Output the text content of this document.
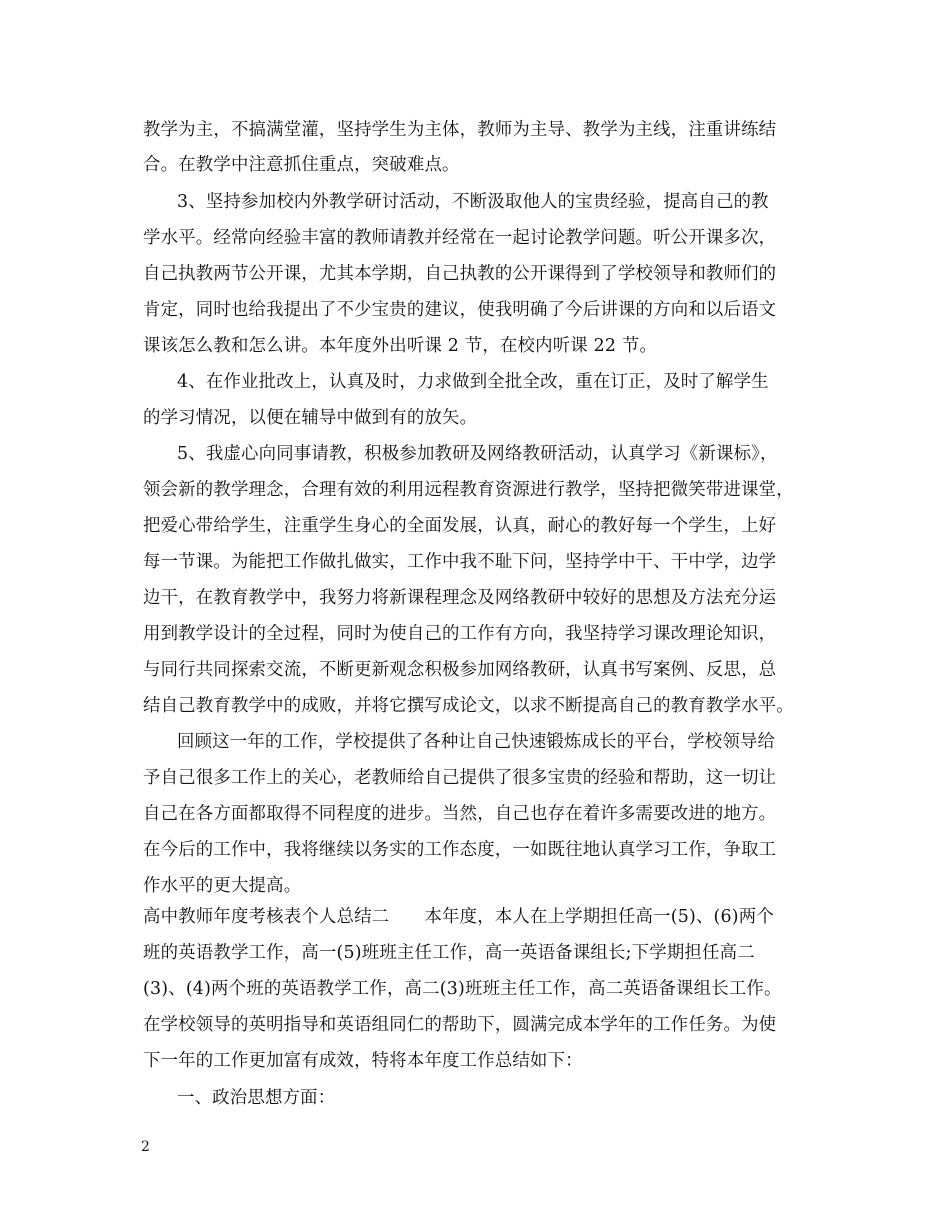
教学为主，不搞满堂灌，坚持学生为主体，教师为主导、教学为主线，注重讲练结
合。在教学中注意抓住重点，突破难点。
3、坚持参加校内外教学研讨活动，不断汲取他人的宝贵经验，提高自己的教
学水平。经常向经验丰富的教师请教并经常在一起讨论教学问题。听公开课多次，
自己执教两节公开课，尤其本学期，自己执教的公开课得到了学校领导和教师们的
肯定，同时也给我提出了不少宝贵的建议，使我明确了今后讲课的方向和以后语文
课该怎么教和怎么讲。本年度外出听课 2 节，在校内听课 22 节。
4、在作业批改上，认真及时，力求做到全批全改，重在订正，及时了解学生
的学习情况，以便在辅导中做到有的放矢。
5、我虚心向同事请教，积极参加教研及网络教研活动，认真学习《新课标》，
领会新的教学理念，合理有效的利用远程教育资源进行教学，坚持把微笑带进课堂，
把爱心带给学生，注重学生身心的全面发展，认真，耐心的教好每一个学生，上好
每一节课。为能把工作做扎做实，工作中我不耻下问，坚持学中干、干中学，边学
边干，在教育教学中，我努力将新课程理念及网络教研中较好的思想及方法充分运
用到教学设计的全过程，同时为使自己的工作有方向，我坚持学习课改理论知识，
与同行共同探索交流，不断更新观念积极参加网络教研，认真书写案例、反思，总
结自己教育教学中的成败，并将它撰写成论文，以求不断提高自己的教育教学水平。
回顾这一年的工作，学校提供了各种让自己快速锻炼成长的平台，学校领导给
予自己很多工作上的关心，老教师给自己提供了很多宝贵的经验和帮助，这一切让
自己在各方面都取得不同程度的进步。当然，自己也存在着许多需要改进的地方。
在今后的工作中，我将继续以务实的工作态度，一如既往地认真学习工作，争取工
作水平的更大提高。
高中教师年度考核表个人总结二　　本年度，本人在上学期担任高一(5)、(6)两个
班的英语教学工作，高一(5)班班主任工作，高一英语备课组长;下学期担任高二
(3)、(4)两个班的英语教学工作，高二(3)班班主任工作，高二英语备课组长工作。
在学校领导的英明指导和英语组同仁的帮助下，圆满完成本学年的工作任务。为使
下一年的工作更加富有成效，特将本年度工作总结如下：
一、政治思想方面：
2
